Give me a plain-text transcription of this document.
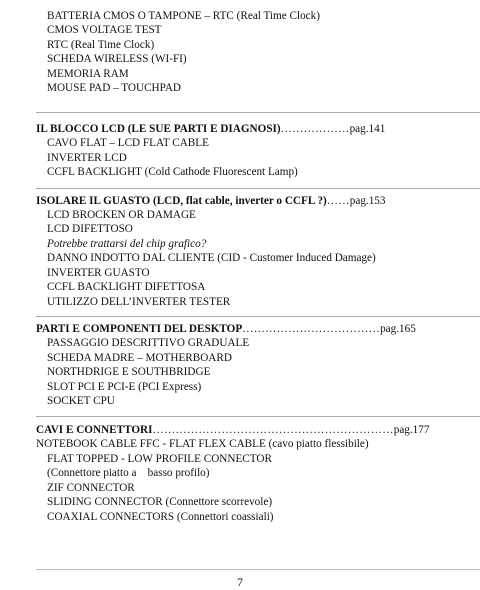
BATTERIA CMOS O TAMPONE – RTC (Real Time Clock)
CMOS VOLTAGE TEST
RTC (Real Time Clock)
SCHEDA WIRELESS (WI-FI)
MEMORIA RAM
MOUSE PAD – TOUCHPAD
IL BLOCCO LCD (LE SUE PARTI E DIAGNOSI)………………pag.141
CAVO FLAT – LCD FLAT CABLE
INVERTER LCD
CCFL BACKLIGHT (Cold Cathode Fluorescent Lamp)
ISOLARE IL GUASTO (LCD, flat cable, inverter o CCFL ?)……pag.153
LCD BROCKEN OR DAMAGE
LCD DIFETTOSO
Potrebbe trattarsi del chip grafico?
DANNO INDOTTO DAL CLIENTE (CID - Customer Induced Damage)
INVERTER GUASTO
CCFL BACKLIGHT DIFETTOSA
UTILIZZO DELL’INVERTER TESTER
PARTI E COMPONENTI DEL DESKTOP………………………………pag.165
PASSAGGIO DESCRITTIVO GRADUALE
SCHEDA MADRE – MOTHERBOARD
NORTHDRIGE E SOUTHBRIDGE
SLOT PCI E PCI-E (PCI Express)
SOCKET CPU
CAVI E CONNETTORI………………………………………………………pag.177
NOTEBOOK CABLE FFC - FLAT FLEX CABLE (cavo piatto flessibile)
FLAT TOPPED - LOW PROFILE CONNECTOR
(Connettore piatto a    basso profilo)
ZIF CONNECTOR
SLIDING CONNECTOR (Connettore scorrevole)
COAXIAL CONNECTORS (Connettori coassiali)
7
